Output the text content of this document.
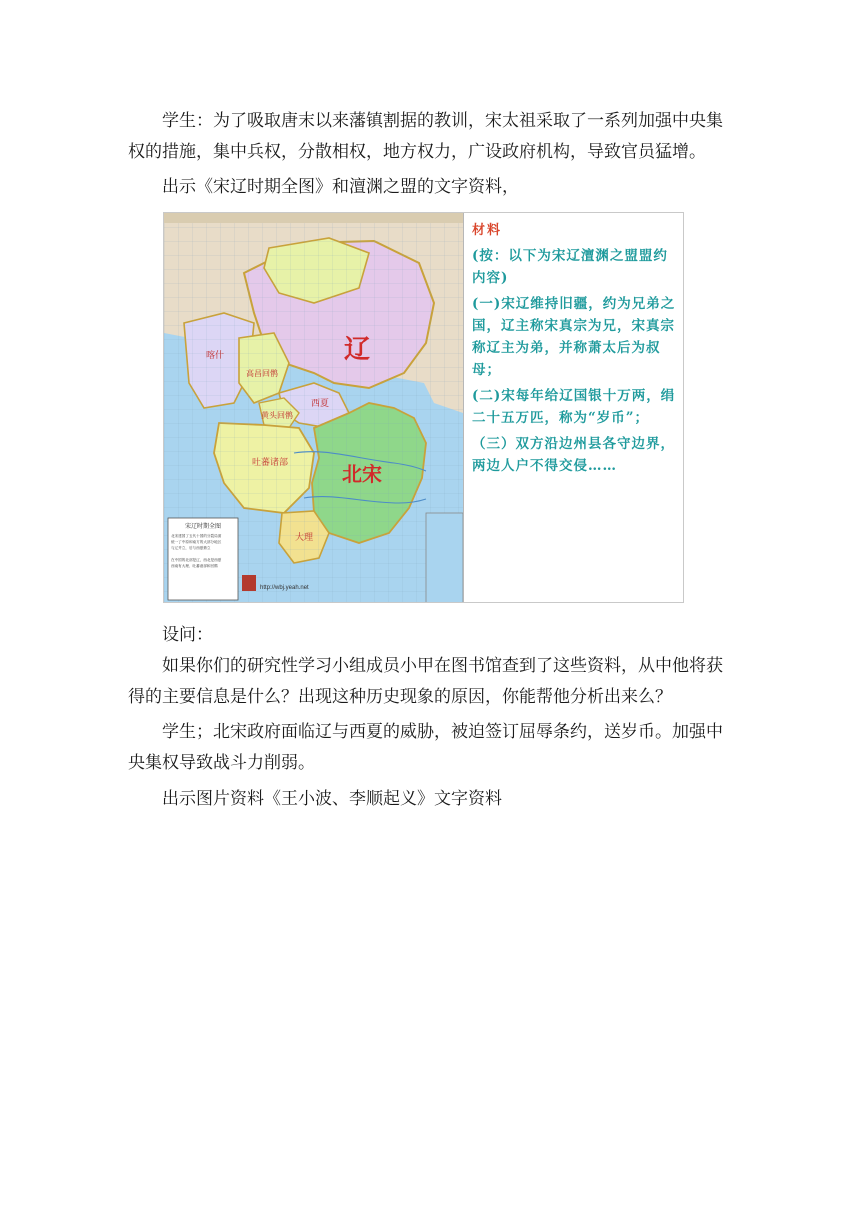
学生：为了吸取唐末以来藩镇割据的教训，宋太祖采取了一系列加强中央集权的措施，集中兵权，分散相权，地方权力，广设政府机构，导致官员猛增。

出示《宋辽时期全图》和澶渊之盟的文字资料，

辽
北宋
西夏
吐蕃诸部
大理
高昌回鹘
黄头回鹘
喀什
宋辽时期全图
北宋建国了五代十国的分裂局面
统一了中原和南方的大部分地区
与辽并立，后与西夏鼎立
在中国的北部是辽，西北是西夏
西南有大理、吐蕃诸部和回鹘
http://wbj.yeah.net
材料

(按：以下为宋辽澶渊之盟盟约内容)

(一)宋辽维持旧疆，约为兄弟之国，辽主称宋真宗为兄，宋真宗称辽主为弟，并称萧太后为叔母；

(二)宋每年给辽国银十万两，绢二十五万匹，称为“岁币”；

（三）双方沿边州县各守边界，两边人户不得交侵……

设问：

如果你们的研究性学习小组成员小甲在图书馆查到了这些资料，从中他将获得的主要信息是什么？出现这种历史现象的原因，你能帮他分析出来么？

学生；北宋政府面临辽与西夏的威胁，被迫签订屈辱条约，送岁币。加强中央集权导致战斗力削弱。

出示图片资料《王小波、李顺起义》文字资料
